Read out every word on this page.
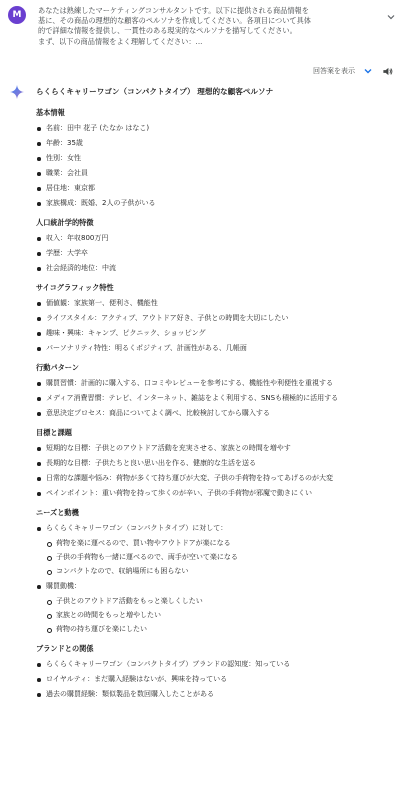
M	あなたは熟練したマーケティングコンサルタントです。以下に提供される商品情報を
基に、その商品の理想的な顧客のペルソナを作成してください。各項目について具体
的で詳細な情報を提供し、一貫性のある現実的なペルソナを描写してください。
まず、以下の商品情報をよく理解してください：...
回答案を表示
らくらくキャリーワゴン（コンパクトタイプ） 理想的な顧客ペルソナ
基本情報
名前：田中 花子 (たなか はなこ)
年齢：35歳
性別：女性
職業：会社員
居住地：東京都
家族構成：既婚、2人の子供がいる
人口統計学的特徴
収入：年収800万円
学歴：大学卒
社会経済的地位：中流
サイコグラフィック特性
価値観：家族第一、便利さ、機能性
ライフスタイル：アクティブ、アウトドア好き、子供との時間を大切にしたい
趣味・興味：キャンプ、ピクニック、ショッピング
パーソナリティ特性：明るくポジティブ、計画性がある、几帳面
行動パターン
購買習慣：計画的に購入する、口コミやレビューを参考にする、機能性や利便性を重視する
メディア消費習慣：テレビ、インターネット、雑誌をよく利用する、SNSも積極的に活用する
意思決定プロセス：商品についてよく調べ、比較検討してから購入する
目標と課題
短期的な目標：子供とのアウトドア活動を充実させる、家族との時間を増やす
長期的な目標：子供たちと良い思い出を作る、健康的な生活を送る
日常的な課題や悩み：荷物が多くて持ち運びが大変、子供の手荷物を持ってあげるのが大変
ペインポイント：重い荷物を持って歩くのが辛い、子供の手荷物が邪魔で動きにくい
ニーズと動機
らくらくキャリーワゴン（コンパクトタイプ）に対して：
荷物を楽に運べるので、買い物やアウトドアが楽になる
子供の手荷物も一緒に運べるので、両手が空いて楽になる
コンパクトなので、収納場所にも困らない
購買動機：
子供とのアウトドア活動をもっと楽しくしたい
家族との時間をもっと増やしたい
荷物の持ち運びを楽にしたい
ブランドとの関係
らくらくキャリーワゴン（コンパクトタイプ）ブランドの認知度：知っている
ロイヤルティ：まだ購入経験はないが、興味を持っている
過去の購買経験：類似製品を数回購入したことがある
